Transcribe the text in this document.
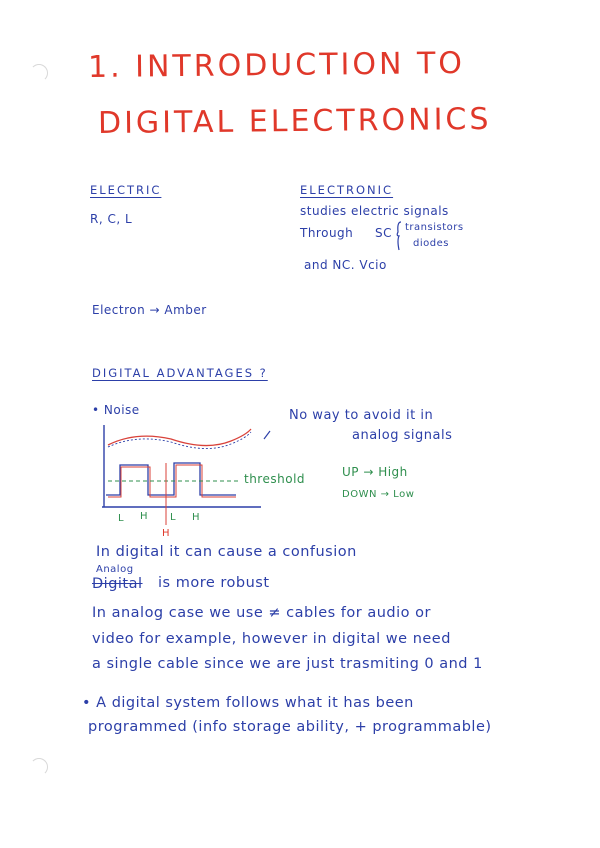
1. INTRODUCTION TO
DIGITAL ELECTRONICS
ELECTRIC
R, C, L
ELECTRONIC
studies electric signals
Through SC transistors
diodes
and NC. Vcio
Electron → Amber
DIGITAL ADVANTAGES ?
• Noise	No way to avoid it in
analog signals
threshold	UP → High
DOWN → Low
L H L H
H
In digital it can cause a confusion
Analog
Digital is more robust
In analog case we use ≠ cables for audio or
video for example, however in digital we need
a single cable since we are just trasmiting 0 and 1
• A digital system follows what it has been
programmed (info storage ability, + programmable)
